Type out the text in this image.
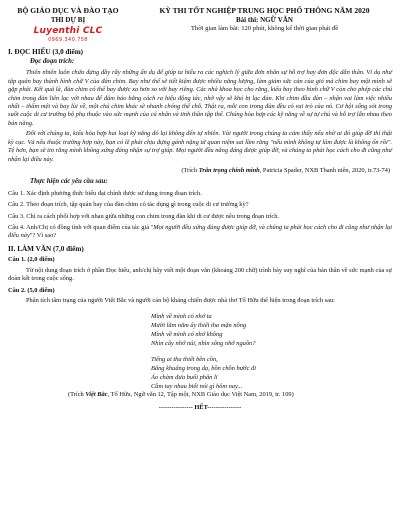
BỘ GIÁO DỤC VÀ ĐÀO TẠO
THI DỰ BỊ
Luyenthi CLC
0969.340.758
KỲ THI TỐT NGHIỆP TRUNG HỌC PHỔ THÔNG NĂM 2020
Bài thi: NGỮ VĂN
Thời gian làm bài: 120 phút, không kể thời gian phát đề
I. ĐỌC HIỂU (3,0 điểm)
Đọc đoạn trích:

Thiên nhiên luôn chứa đựng đầy rẫy những ẩn dụ để giúp ta hiểu ra các nghịch lý giữa đơn nhân sự hỗ trợ hay đơn độc dẫn thân. Ví dụ như tập quán bay thành hình chữ V của đàn chim. Bay như thế sẽ tiết kiệm được nhiều năng lượng, làm giảm sức cản của gió mà chim bay một mình sẽ gặp phải. Kết quả là, đàn chim có thể bay được xa hơn so với bay riêng. Các nhà khoa học cho rằng, kiểu bay theo hình chữ V còn cho phép các chú chim trong đàn liên lạc với nhau để đảm bảo bằng cách ra hiệu động tác, nhờ vậy sẽ khó bị lạc đàn. Khi chim đầu đàn – nhận vai làm việc nhiều nhất – thấm mệt và bay lùi về, một chú chim khác sẽ nhanh chóng thế chỗ. Thật ra, mỗi con trong đàn đều có vai trò của nó. Cơ hội sống sót trong suốt cuộc di cư trường bộ phụ thuộc vào sức mạnh của cá nhân và tinh thần tập thể. Chúng hòa hợp các kỹ năng về sự tự chủ và hỗ trợ lẫn nhau theo bản năng.

Đối với chúng ta, kiểu hòa hợp hai loại kỹ năng đó lại không đến tự nhiên. Vài người trong chúng ta cảm thấy nếu nhờ ai đó giúp đỡ thì thật kỳ cục. Và nếu thuộc trường hợp này, bạn có lẽ phải chịu đựng gánh nặng từ quan niệm sai lầm rằng "nếu mình không tự làm được là không ổn rồi". Tệ hơn, bạn sẽ tin rằng mình không xứng đáng nhận sự trợ giúp. Mọi người đều năng đáng được giúp đỡ, và chúng ta phải học cách cho đi cũng như nhận lại điều này.

(Trích Trân trọng chính mình, Patricia Spader, NXB Thanh niên, 2020, tr.73-74)
Thực hiện các yêu cầu sau:
Câu 1. Xác định phương thức biểu đạt chính được sử dụng trong đoạn trích.
Câu 2. Theo đoạn trích, tập quán bay của đàn chim có tác dụng gì trong cuộc di cư trường kỳ?
Câu 3. Chỉ ra cách phối hợp với nhau giữa những con chim trong đàn khi di cư được nêu trong đoạn trích.
Câu 4. Anh/Chị có đồng tình với quan điểm của tác giả "Mọi người đều xứng đáng được giúp đỡ, và chúng ta phải học cách cho đi cũng như nhận lại điều này"? Vì sao?
II. LÀM VĂN (7,0 điểm)
Câu 1. (2,0 điểm)

Từ nội dung đoạn trích ở phần Đọc hiểu, anh/chị hãy viết một đoạn văn (khoảng 200 chữ) trình bày suy nghĩ của bản thân về sức mạnh của sự đoàn kết trong cuộc sống.

Câu 2. (5,0 điểm)

Phân tích tâm trạng của người Việt Bắc và người cán bộ kháng chiến được nhà thơ Tố Hữu thể hiện trong đoạn trích sau:

Mình về mình có nhớ ta
Mười lăm năm ấy thiết tha mặn nồng
Mình về mình có nhớ không
Nhìn cây nhớ núi, nhìn sông nhớ nguồn?
Tiếng ai tha thiết bên cồn,
Bâng khuâng trong dạ, bồn chồn bước đi
Áo chàm đưa buổi phân li
Cầm tay nhau biết nói gì hôm nay...
(Trích Việt Bắc, Tố Hữu, Ngữ văn 12, Tập một, NXB Giáo dục Việt Nam, 2019, tr. 109)
---------------- HẾT----------------
